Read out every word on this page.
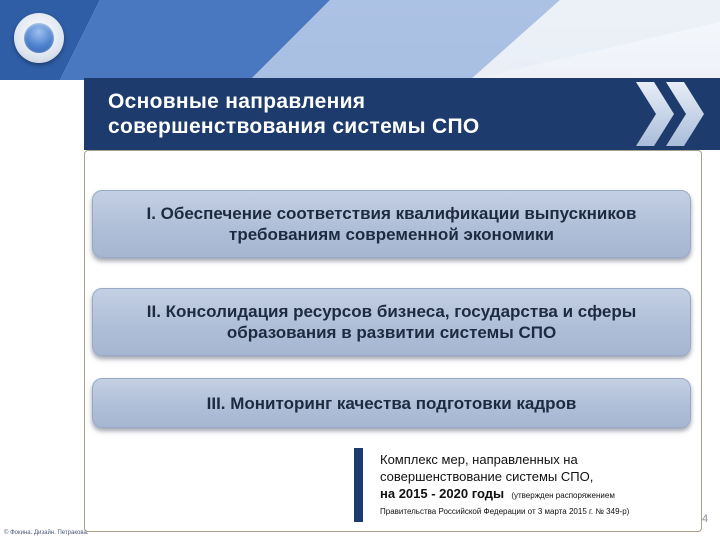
Основные направления
совершенствования системы СПО
I. Обеспечение соответствия квалификации выпускников
требованиям современной экономики
II. Консолидация ресурсов бизнеса, государства и сферы
образования в развитии системы СПО
III. Мониторинг качества подготовки кадров
Комплекс мер, направленных на
совершенствование системы СПО,
на 2015 - 2020 годы (утвержден распоряжением
Правительства Российской Федерации от 3 марта 2015 г. № 349-р)
4
© Фокина. Дизайн. Петракова.
